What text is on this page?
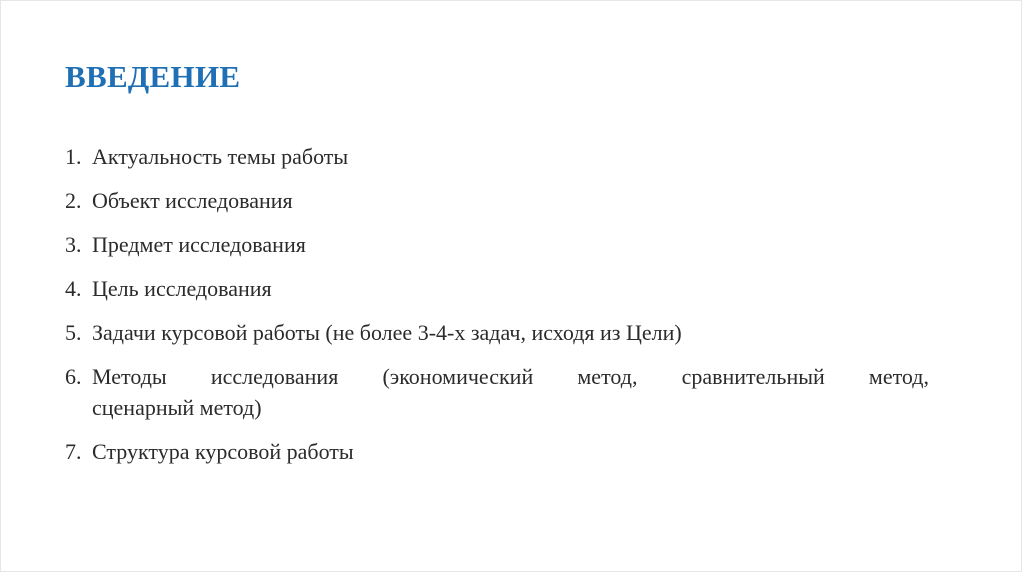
ВВЕДЕНИЕ
1. Актуальность темы работы
2. Объект исследования
3. Предмет исследования
4. Цель исследования
5. Задачи курсовой работы (не более 3-4-х задач, исходя из Цели)
6. Методы исследования (экономический метод, сравнительный метод,
сценарный метод)
7. Структура курсовой работы
